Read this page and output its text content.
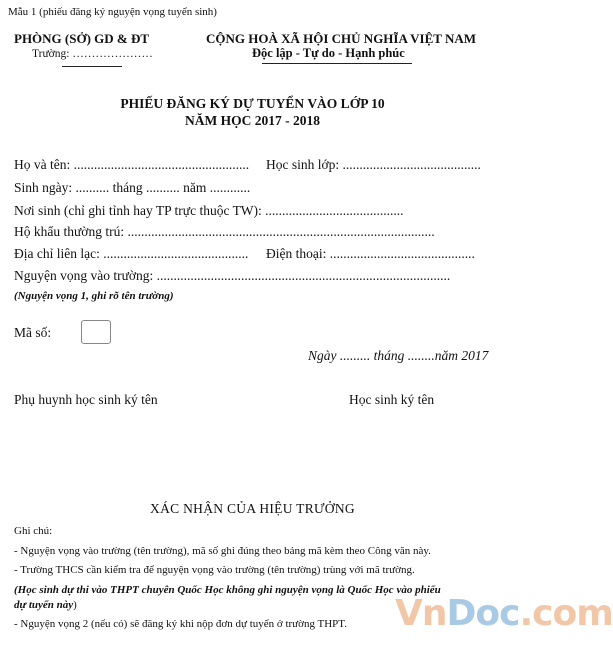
Mẫu 1 (phiếu đăng ký nguyện vọng tuyển sinh)
PHÒNG (SỞ) GD & ĐT
Trường: …………………
CỘNG HOÀ XÃ HỘI CHỦ NGHĨA VIỆT NAM
Độc lập - Tự do - Hạnh phúc
PHIẾU ĐĂNG KÝ DỰ TUYỂN VÀO LỚP 10
NĂM HỌC 2017 - 2018
Họ và tên: .................................................... Học sinh lớp: .........................................
Sinh ngày: .......... tháng .......... năm ............
Nơi sinh (chỉ ghi tỉnh hay TP trực thuộc TW): .........................................
Hộ khẩu thường trú: ...........................................................................................
Địa chỉ liên lạc: ........................................... Điện thoại: ...........................................
Nguyện vọng vào trường: .......................................................................................
(Nguyện vọng 1, ghi rõ tên trường)
Mã số:
Ngày ......... tháng ........năm 2017
Phụ huynh học sinh ký tên	Học sinh ký tên
XÁC NHẬN CỦA HIỆU TRƯỞNG
Ghi chú:
- Nguyện vọng vào trường (tên trường), mã số ghi đúng theo bảng mã kèm theo Công văn này.
- Trường THCS cần kiểm tra để nguyện vọng vào trường (tên trường) trùng với mã trường.
(Học sinh dự thi vào THPT chuyên Quốc Học không ghi nguyện vọng là Quốc Học vào phiếu
dự tuyển này)
- Nguyện vọng 2 (nếu có) sẽ đăng ký khi nộp đơn dự tuyển ở trường THPT. VnDoc.com
